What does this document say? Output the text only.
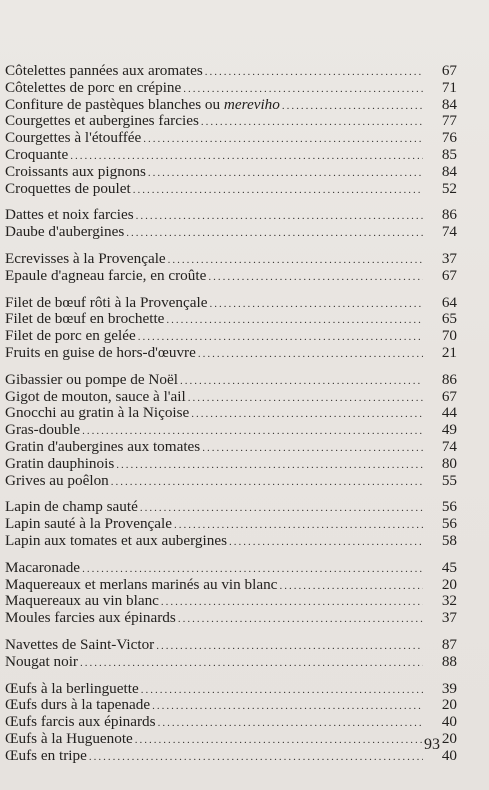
Côtelettes pannées aux aromates .....	67
Côtelettes de porc en crépine .....	71
Confiture de pastèques blanches ou mereviho .....	84
Courgettes et aubergines farcies .....	77
Courgettes à l'étouffée .....	76
Croquante .....	85
Croissants aux pignons .....	84
Croquettes de poulet .....	52
Dattes et noix farcies .....	86
Daube d'aubergines .....	74
Ecrevisses à la Provençale .....	37
Epaule d'agneau farcie, en croûte .....	67
Filet de bœuf rôti à la Provençale .....	64
Filet de bœuf en brochette .....	65
Filet de porc en gelée .....	70
Fruits en guise de hors-d'œuvre .....	21
Gibassier ou pompe de Noël .....	86
Gigot de mouton, sauce à l'ail .....	67
Gnocchi au gratin à la Niçoise .....	44
Gras-double .....	49
Gratin d'aubergines aux tomates .....	74
Gratin dauphinois .....	80
Grives au poêlon .....	55
Lapin de champ sauté .....	56
Lapin sauté à la Provençale .....	56
Lapin aux tomates et aux aubergines .....	58
Macaronade .....	45
Maquereaux et merlans marinés au vin blanc .....	20
Maquereaux au vin blanc .....	32
Moules farcies aux épinards .....	37
Navettes de Saint-Victor .....	87
Nougat noir .....	88
Œufs à la berlinguette .....	39
Œufs durs à la tapenade .....	20
Œufs farcis aux épinards .....	40
Œufs à la Huguenote .....	20
Œufs en tripe .....	40
93
